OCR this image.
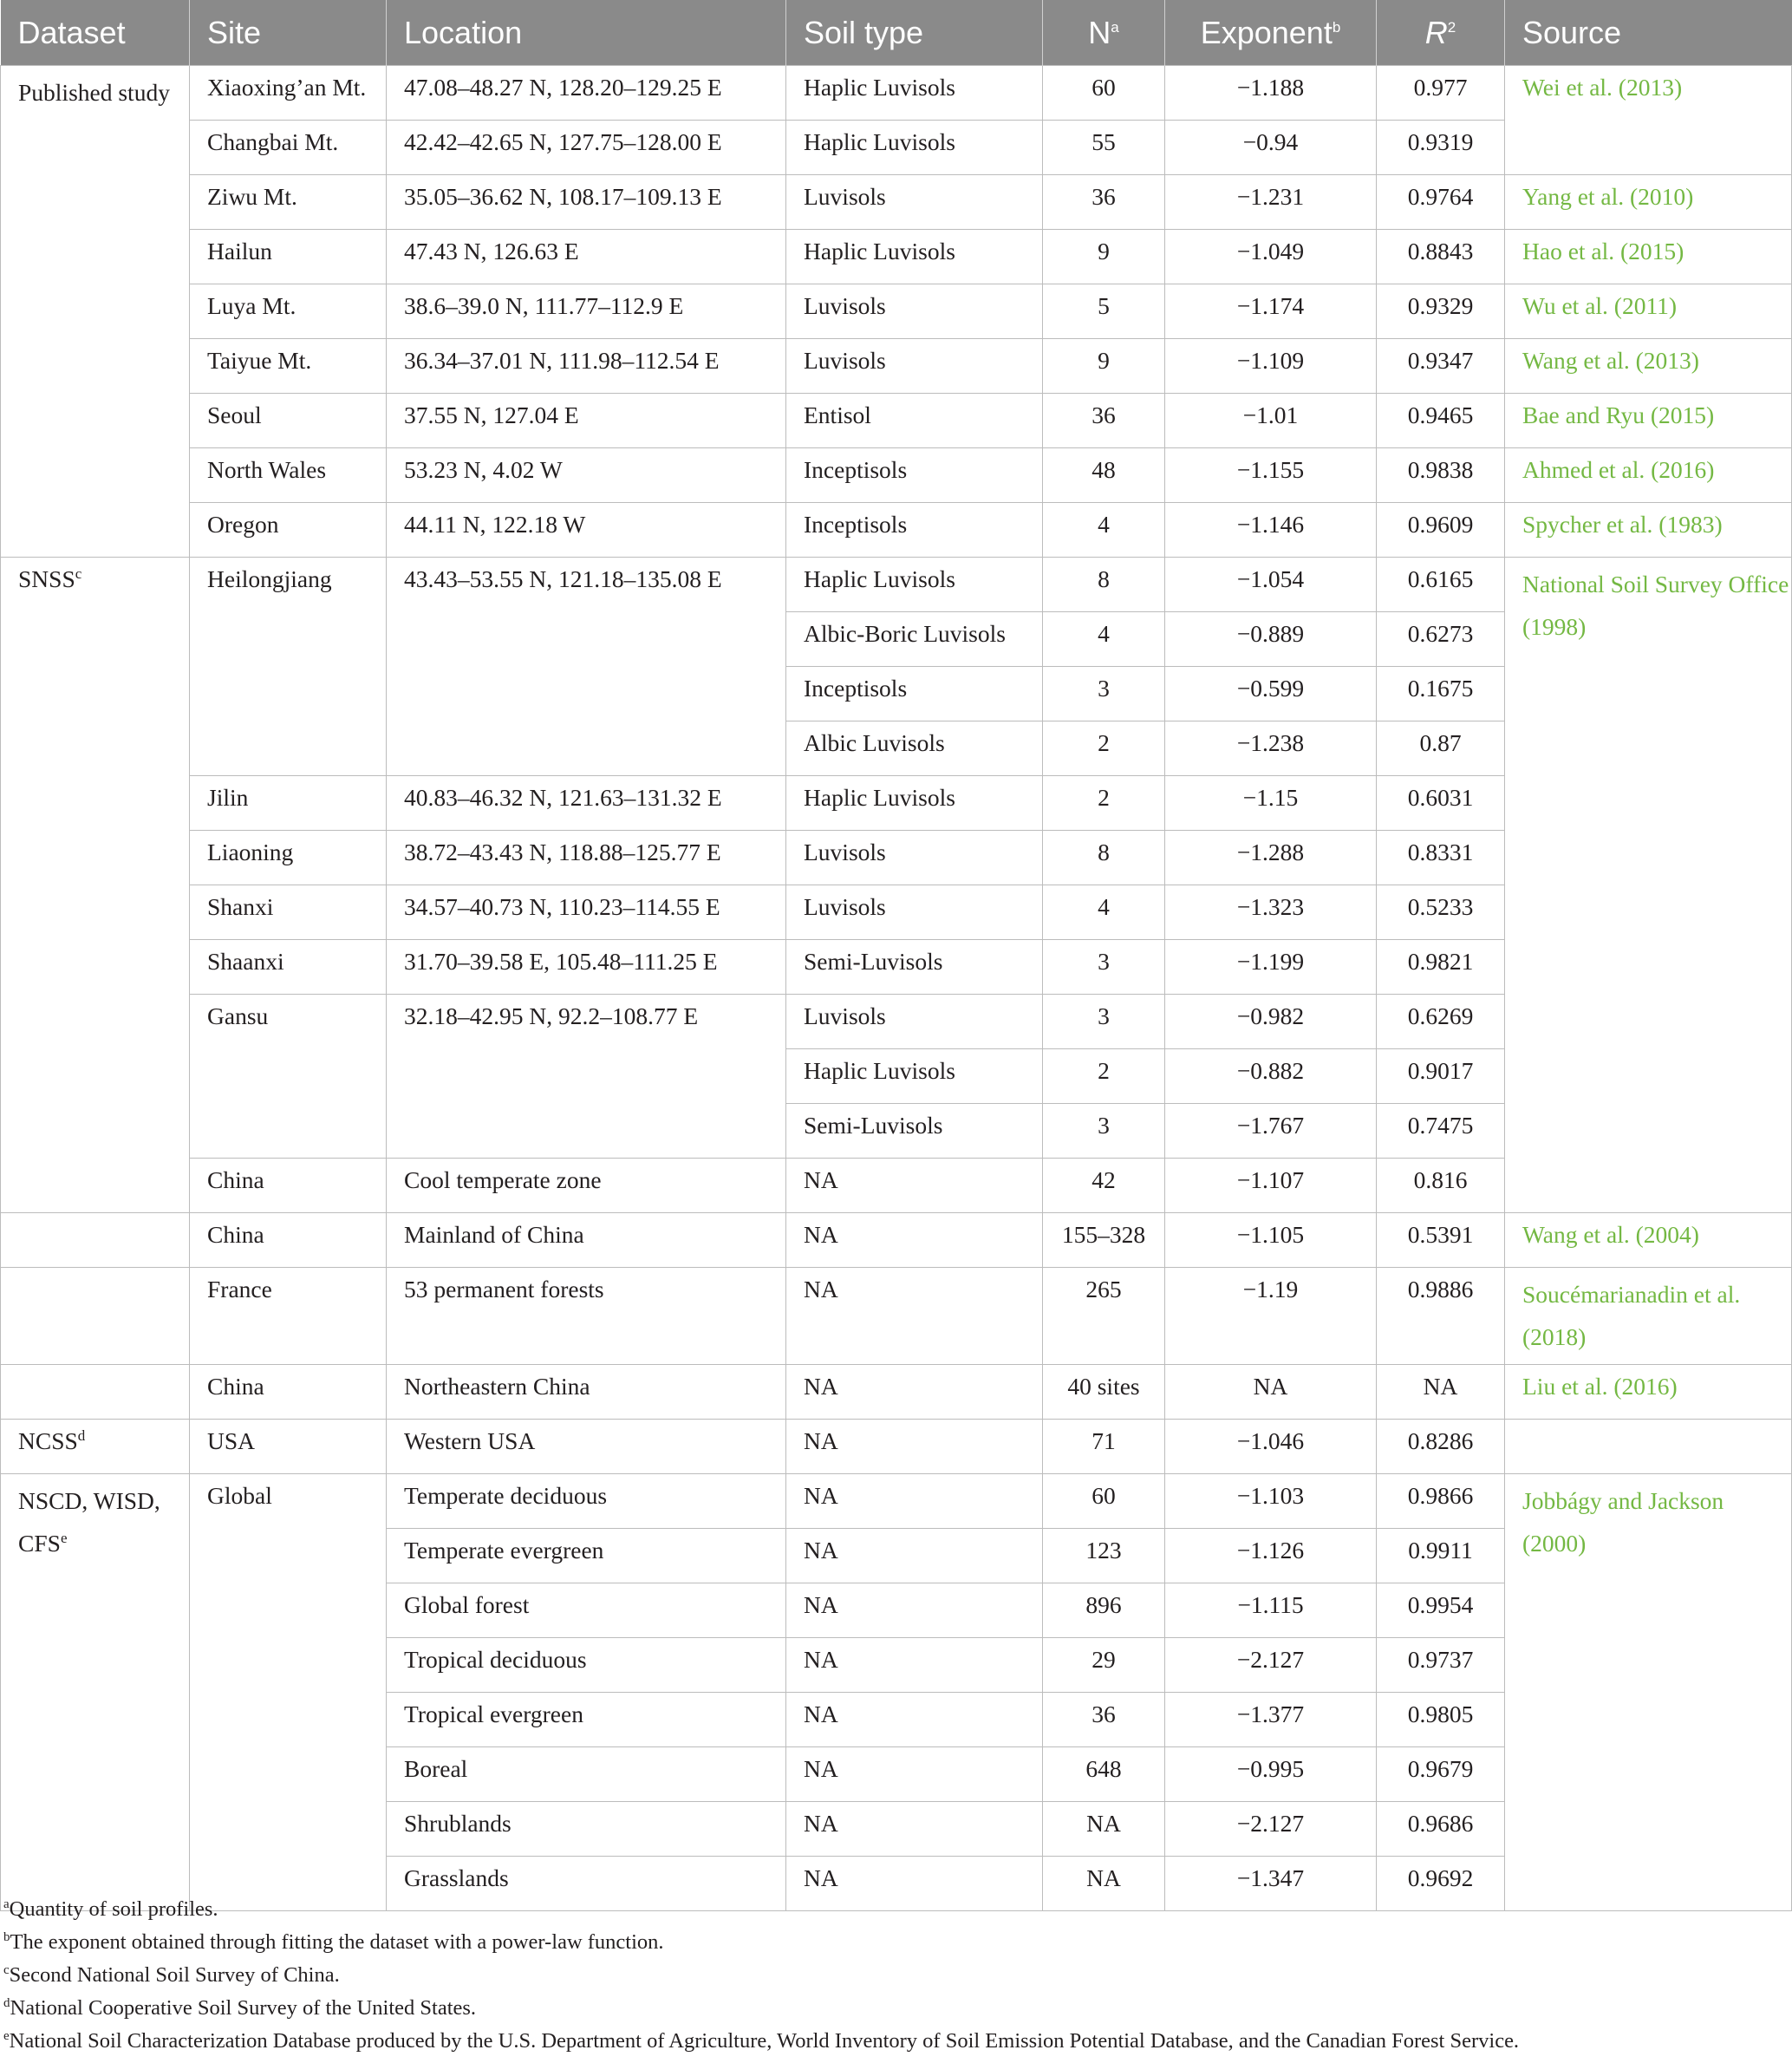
Dataset	Site	Location	Soil type	$N^a$	Exponent$^b$	$R^2$	Source
Published study	Xiaoxing’an Mt.	47.08–48.27 N, 128.20–129.25 E	Haplic Luvisols	60	−1.188	0.977	Wei et al. (2013)
	Changbai Mt.	42.42–42.65 N, 127.75–128.00 E	Haplic Luvisols	55	−0.94	0.9319	
	Ziwu Mt.	35.05–36.62 N, 108.17–109.13 E	Luvisols	36	−1.231	0.9764	Yang et al. (2010)
	Hailun	47.43 N, 126.63 E	Haplic Luvisols	9	−1.049	0.8843	Hao et al. (2015)
	Luya Mt.	38.6–39.0 N, 111.77–112.9 E	Luvisols	5	−1.174	0.9329	Wu et al. (2011)
	Taiyue Mt.	36.34–37.01 N, 111.98–112.54 E	Luvisols	9	−1.109	0.9347	Wang et al. (2013)
	Seoul	37.55 N, 127.04 E	Entisol	36	−1.01	0.9465	Bae and Ryu (2015)
	North Wales	53.23 N, 4.02 W	Inceptisols	48	−1.155	0.9838	Ahmed et al. (2016)
	Oregon	44.11 N, 122.18 W	Inceptisols	4	−1.146	0.9609	Spycher et al. (1983)
SNSS$^c$	Heilongjiang	43.43–53.55 N, 121.18–135.08 E	Haplic Luvisols	8	−1.054	0.6165	National Soil Survey Office (1998)
			Albic-Boric Luvisols	4	−0.889	0.6273	
			Inceptisols	3	−0.599	0.1675	
			Albic Luvisols	2	−1.238	0.87	
	Jilin	40.83–46.32 N, 121.63–131.32 E	Haplic Luvisols	2	−1.15	0.6031	
	Liaoning	38.72–43.43 N, 118.88–125.77 E	Luvisols	8	−1.288	0.8331	
	Shanxi	34.57–40.73 N, 110.23–114.55 E	Luvisols	4	−1.323	0.5233	
	Shaanxi	31.70–39.58 E, 105.48–111.25 E	Semi-Luvisols	3	−1.199	0.9821	
	Gansu	32.18–42.95 N, 92.2–108.77 E	Luvisols	3	−0.982	0.6269	
			Haplic Luvisols	2	−0.882	0.9017	
			Semi-Luvisols	3	−1.767	0.7475	
	China	Cool temperate zone	NA	42	−1.107	0.816	
	China	Mainland of China	NA	155–328	−1.105	0.5391	Wang et al. (2004)
	France	53 permanent forests	NA	265	−1.19	0.9886	Soucémarianadin et al. (2018)
	China	Northeastern China	NA	40 sites	NA	NA	Liu et al. (2016)
NCSS$^d$	USA	Western USA	NA	71	−1.046	0.8286	
NSCD, WISD, CFS$^e$	Global	Temperate deciduous	NA	60	−1.103	0.9866	Jobbágy and Jackson (2000)
		Temperate evergreen	NA	123	−1.126	0.9911	
		Global forest	NA	896	−1.115	0.9954	
		Tropical deciduous	NA	29	−2.127	0.9737	
		Tropical evergreen	NA	36	−1.377	0.9805	
		Boreal	NA	648	−0.995	0.9679	
		Shrublands	NA	NA	−2.127	0.9686	
		Grasslands	NA	NA	−1.347	0.9692	
$^a$Quantity of soil profiles.
$^b$The exponent obtained through fitting the dataset with a power-law function.
$^c$Second National Soil Survey of China.
$^d$National Cooperative Soil Survey of the United States.
$^e$National Soil Characterization Database produced by the U.S. Department of Agriculture, World Inventory of Soil Emission Potential Database, and the Canadian Forest Service.
